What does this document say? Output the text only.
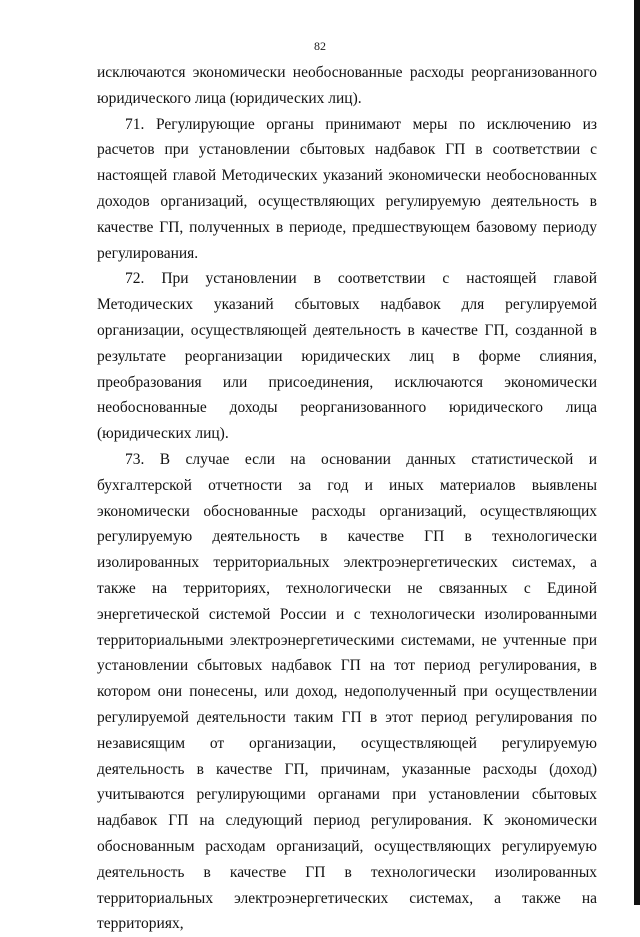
82

исключаются экономически необоснованные расходы реорганизованного юридического лица (юридических лиц).

71. Регулирующие органы принимают меры по исключению из расчетов при установлении сбытовых надбавок ГП в соответствии с настоящей главой Методических указаний экономически необоснованных доходов организаций, осуществляющих регулируемую деятельность в качестве ГП, полученных в периоде, предшествующем базовому периоду регулирования.

72. При установлении в соответствии с настоящей главой Методических указаний сбытовых надбавок для регулируемой организации, осуществляющей деятельность в качестве ГП, созданной в результате реорганизации юридических лиц в форме слияния, преобразования или присоединения, исключаются экономически необоснованные доходы реорганизованного юридического лица (юридических лиц).

73. В случае если на основании данных статистической и бухгалтерской отчетности за год и иных материалов выявлены экономически обоснованные расходы организаций, осуществляющих регулируемую деятельность в качестве ГП в технологически изолированных территориальных электроэнергетических системах, а также на территориях, технологически не связанных с Единой энергетической системой России и с технологически изолированными территориальными электроэнергетическими системами, не учтенные при установлении сбытовых надбавок ГП на тот период регулирования, в котором они понесены, или доход, недополученный при осуществлении регулируемой деятельности таким ГП в этот период регулирования по независящим от организации, осуществляющей регулируемую деятельность в качестве ГП, причинам, указанные расходы (доход) учитываются регулирующими органами при установлении сбытовых надбавок ГП на следующий период регулирования. К экономически обоснованным расходам организаций, осуществляющих регулируемую деятельность в качестве ГП в технологически изолированных территориальных электроэнергетических системах, а также на территориях,
